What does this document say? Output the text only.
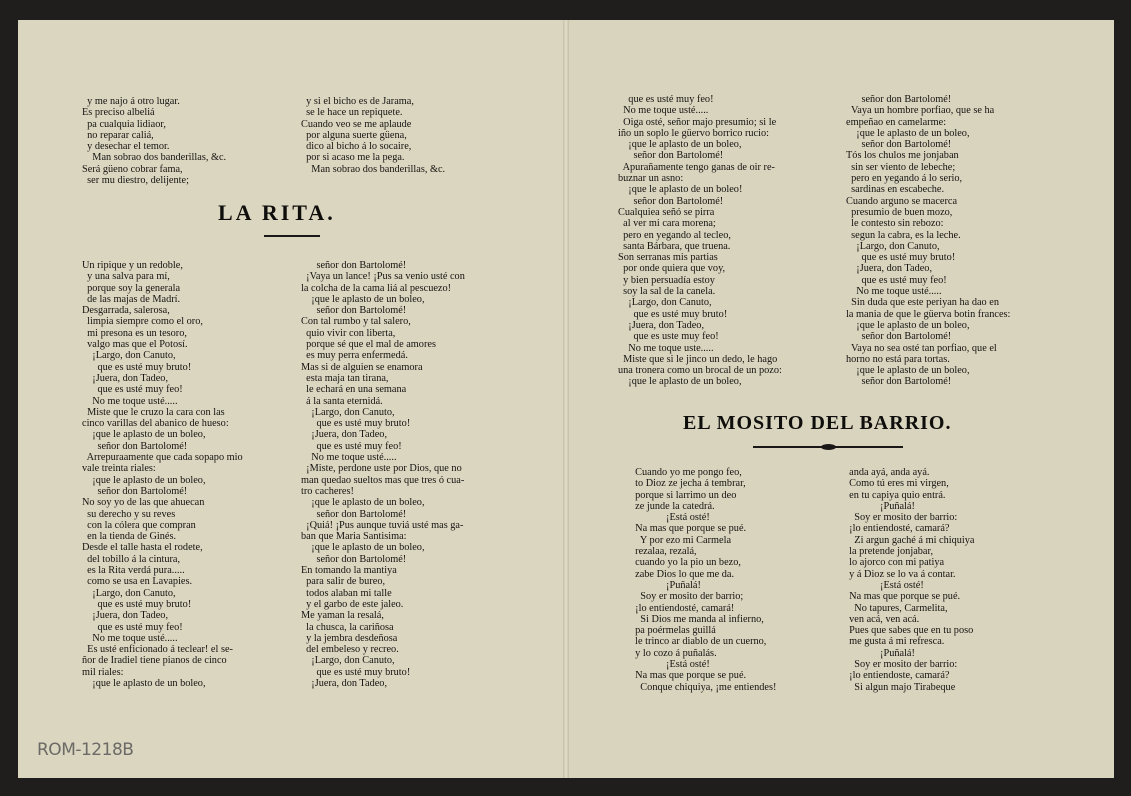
y me najo á otro lugar.
Es preciso albeliá
pa cualquia lidiaor,
no reparar caliá,
y desechar el temor.
Man sobrao dos banderillas, &c.
Será güeno cobrar fama,
ser mu diestro, delijente;
y si el bicho es de Jarama,
se le hace un repiquete.
Cuando veo se me aplaude
por alguna suerte güena,
dico al bicho á lo socaire,
por si acaso me la pega.
Man sobrao dos banderillas, &c.
LA RITA.
Un ripique y un redoble,
y una salva para mí,
porque soy la generala
de las majas de Madrí.
Desgarrada, salerosa,
limpia siempre como el oro,
mi presona es un tesoro,
valgo mas que el Potosí.
¡Largo, don Canuto,
que es usté muy bruto!
¡Juera, don Tadeo,
que es usté muy feo!
No me toque usté.....
Miste que le cruzo la cara con las
cinco varillas del abanico de hueso:
¡que le aplasto de un boleo,
señor don Bartolomé!
Arrepuraamente que cada sopapo mio
vale treinta riales:
¡que le aplasto de un boleo,
señor don Bartolomé!
No soy yo de las que ahuecan
su derecho y su reves
con la cólera que compran
en la tienda de Ginés.
Desde el talle hasta el rodete,
del tobillo á la cintura,
es la Rita verdá pura.....
como se usa en Lavapies.
¡Largo, don Canuto,
que es usté muy bruto!
¡Juera, don Tadeo,
que es usté muy feo!
No me toque usté.....
Es usté enficionado á teclear! el se-
ñor de Iradiel tiene pianos de cinco
mil riales:
¡que le aplasto de un boleo,
señor don Bartolomé!
¡Vaya un lance! ¡Pus sa venio usté con
la colcha de la cama liá al pescuezo!
¡que le aplasto de un boleo,
señor don Bartolomé!
Con tal rumbo y tal salero,
quio vivir con liberta,
porque sé que el mal de amores
es muy perra enfermedá.
Mas si de alguien se enamora
esta maja tan tirana,
le echará en una semana
á la santa eternidá.
¡Largo, don Canuto,
que es usté muy bruto!
¡Juera, don Tadeo,
que es usté muy feo!
No me toque usté.....
¡Miste, perdone uste por Dios, que no
man quedao sueltos mas que tres ó cua-
tro cacheres!
¡que le aplasto de un boleo,
señor don Bartolomé!
¡Quiá! ¡Pus aunque tuviá usté mas ga-
ban que Maria Santisima:
¡que le aplasto de un boleo,
señor don Bartolomé!
En tomando la mantiya
para salir de bureo,
todos alaban mi talle
y el garbo de este jaleo.
Me yaman la resalá,
la chusca, la cariñosa
y la jembra desdeñosa
del embeleso y recreo.
¡Largo, don Canuto,
que es usté muy bruto!
¡Juera, don Tadeo,
que es usté muy feo!
No me toque usté.....
Oiga osté, señor majo presumio; si le
iño un soplo le güervo borrico rucio:
¡que le aplasto de un boleo,
señor don Bartolomé!
Apurañamente tengo ganas de oir re-
buznar un asno:
¡que le aplasto de un boleo!
señor don Bartolomé!
Cualquiea señó se pirra
al ver mi cara morena;
pero en yegando al tecleo,
santa Bárbara, que truena.
Son serranas mis partias
por onde quiera que voy,
y bien persuadía estoy
soy la sal de la canela.
¡Largo, don Canuto,
que es usté muy bruto!
¡Juera, don Tadeo,
que es uste muy feo!
No me toque uste.....
Miste que si le jinco un dedo, le hago
una tronera como un brocal de un pozo:
¡que le aplasto de un boleo,
señor don Bartolomé!
Vaya un hombre porfiao, que se ha
empeñao en camelarme:
¡que le aplasto de un boleo,
señor don Bartolomé!
Tós los chulos me jonjaban
sin ser viento de lebeche;
pero en yegando á lo serio,
sardinas en escabeche.
Cuando arguno se macerca
presumio de buen mozo,
le contesto sin rebozo:
segun la cabra, es la leche.
¡Largo, don Canuto,
que es usté muy bruto!
¡Juera, don Tadeo,
que es usté muy feo!
No me toque usté.....
Sin duda que este periyan ha dao en
la mania de que le güerva botin frances:
¡que le aplasto de un boleo,
señor don Bartolomé!
Vaya no sea osté tan porfiao, que el
horno no está para tortas.
¡que le aplasto de un boleo,
señor don Bartolomé!
EL MOSITO DEL BARRIO.
Cuando yo me pongo feo,
to Dioz ze jecha á tembrar,
porque si larrimo un deo
ze junde la catedrá.
¡Está osté!
Na mas que porque se pué.
Y por ezo mi Carmela
rezalaa, rezalá,
cuando yo la pio un bezo,
zabe Dios lo que me da.
¡Puñalá!
Soy er mosito der barrio;
¡lo entiendosté, camará!
Si Dios me manda al infierno,
pa poérmelas guillá
le trinco ar diablo de un cuerno,
y lo cozo á puñalás.
¡Está osté!
Na mas que porque se pué.
Conque chiquiya, ¡me entiendes!
anda ayá, anda ayá.
Como tú eres mi virgen,
en tu capiya quio entrá.
¡Puñalá!
Soy er mosito der barrio:
¡lo entiendosté, camará?
Zi argun gaché á mi chiquiya
la pretende jonjabar,
lo ajorco con mi patiya
y á Dioz se lo va á contar.
¡Está osté!
Na mas que porque se pué.
No tapures, Carmelita,
ven acá, ven acá.
Pues que sabes que en tu poso
me gusta á mi refresca.
¡Puñalá!
Soy er mosito der barrio:
¡lo entiendoste, camará?
Si algun majo Tirabeque
ROM-1218B
